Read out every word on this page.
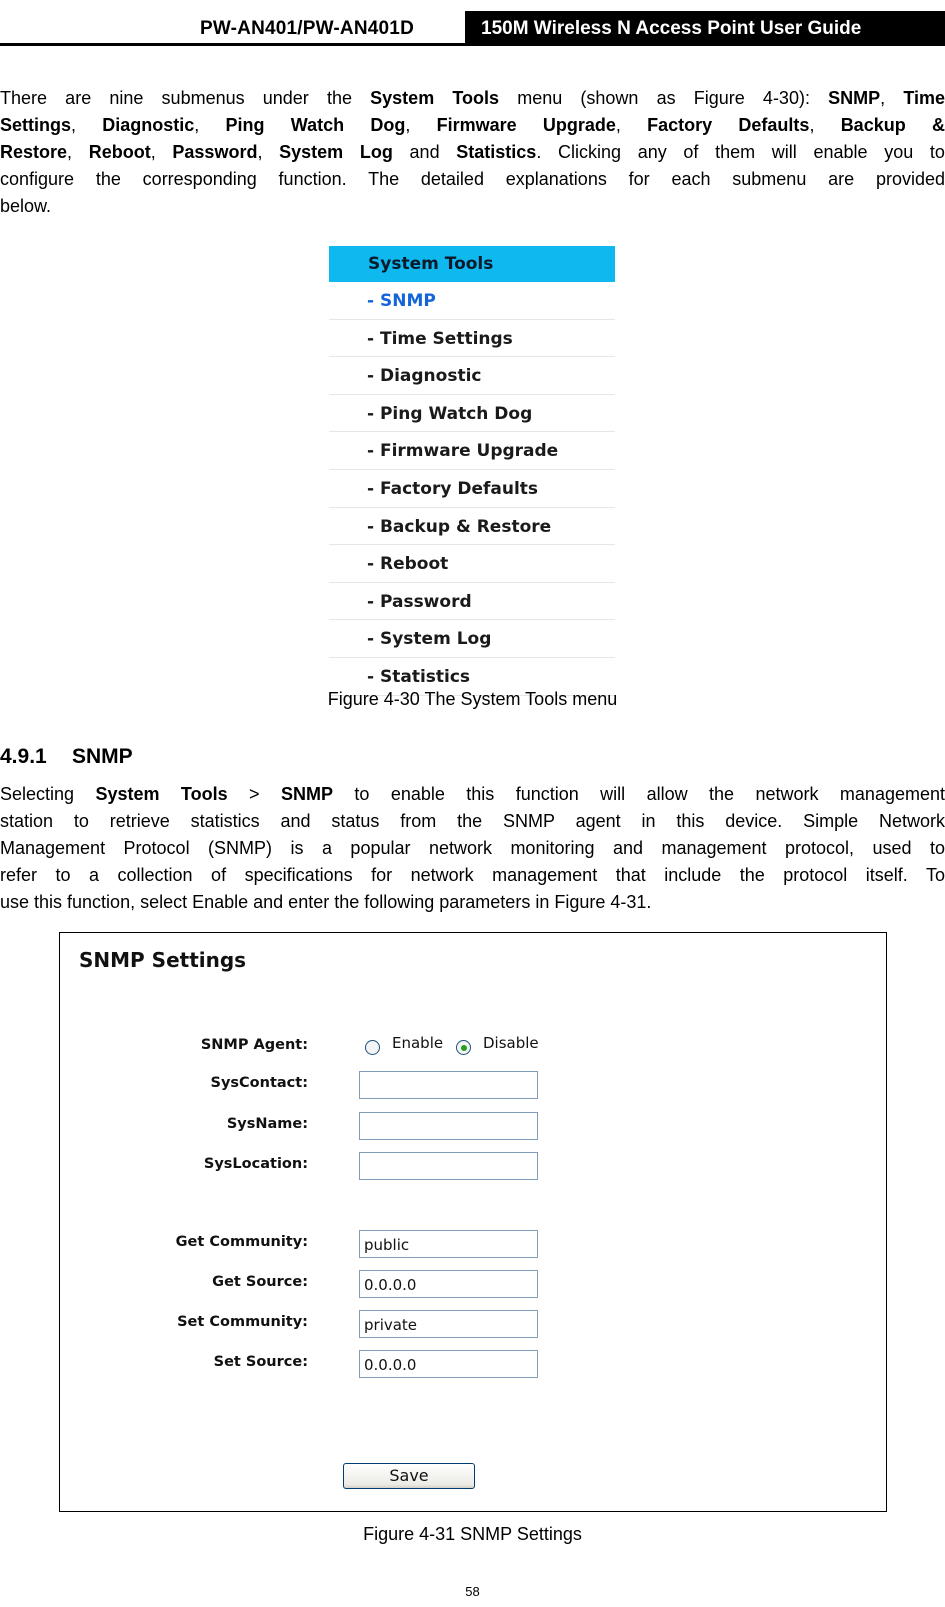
PW-AN401/PW-AN401D	150M Wireless N Access Point User Guide
There are nine submenus under the System Tools menu (shown as Figure 4-30): SNMP, Time
Settings, Diagnostic, Ping Watch Dog, Firmware Upgrade, Factory Defaults, Backup &
Restore, Reboot, Password, System Log and Statistics. Clicking any of them will enable you to
configure the corresponding function. The detailed explanations for each submenu are provided
below.
System Tools
- SNMP
- Time Settings
- Diagnostic
- Ping Watch Dog
- Firmware Upgrade
- Factory Defaults
- Backup & Restore
- Reboot
- Password
- System Log
- Statistics
Figure 4-30 The System Tools menu
4.9.1 SNMP
Selecting System Tools > SNMP to enable this function will allow the network management
station to retrieve statistics and status from the SNMP agent in this device. Simple Network
Management Protocol (SNMP) is a popular network monitoring and management protocol, used to
refer to a collection of specifications for network management that include the protocol itself. To
use this function, select Enable and enter the following parameters in Figure 4-31.
SNMP Settings
SNMP Agent:	Enable	Disable
SysContact:
SysName:
SysLocation:
Get Community:	public
Get Source:	0.0.0.0
Set Community:	private
Set Source:	0.0.0.0
Save
Figure 4-31 SNMP Settings
58
